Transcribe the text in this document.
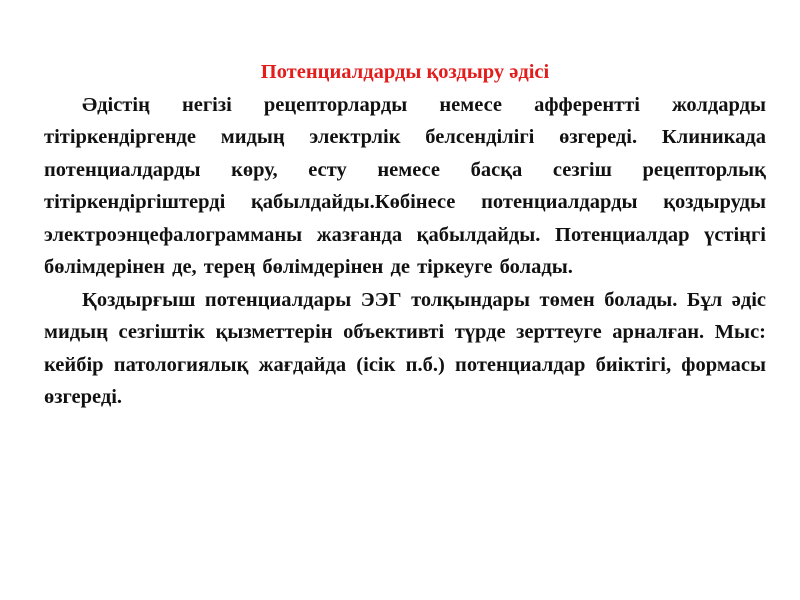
Потенциалдарды қоздыру әдісі

Әдістің негізі рецепторларды немесе афферентті жолдарды тітіркендіргенде мидың электрлік белсенділігі өзгереді. Клиникада потенциалдарды көру, есту немесе басқа сезгіш рецепторлық тітіркендіргіштерді қабылдайды.Көбінесе потенциалдарды қоздыруды электроэнцефалограмманы жазғанда қабылдайды. Потенциалдар үстіңгі бөлімдерінен де, терең бөлімдерінен де тіркеуге болады.

Қоздырғыш потенциалдары ЭЭГ толқындары төмен болады. Бұл әдіс мидың сезгіштік қызметтерін объективті түрде зерттеуге арналған. Мыс: кейбір патологиялық жағдайда (ісік п.б.) потенциалдар биіктігі, формасы өзгереді.
